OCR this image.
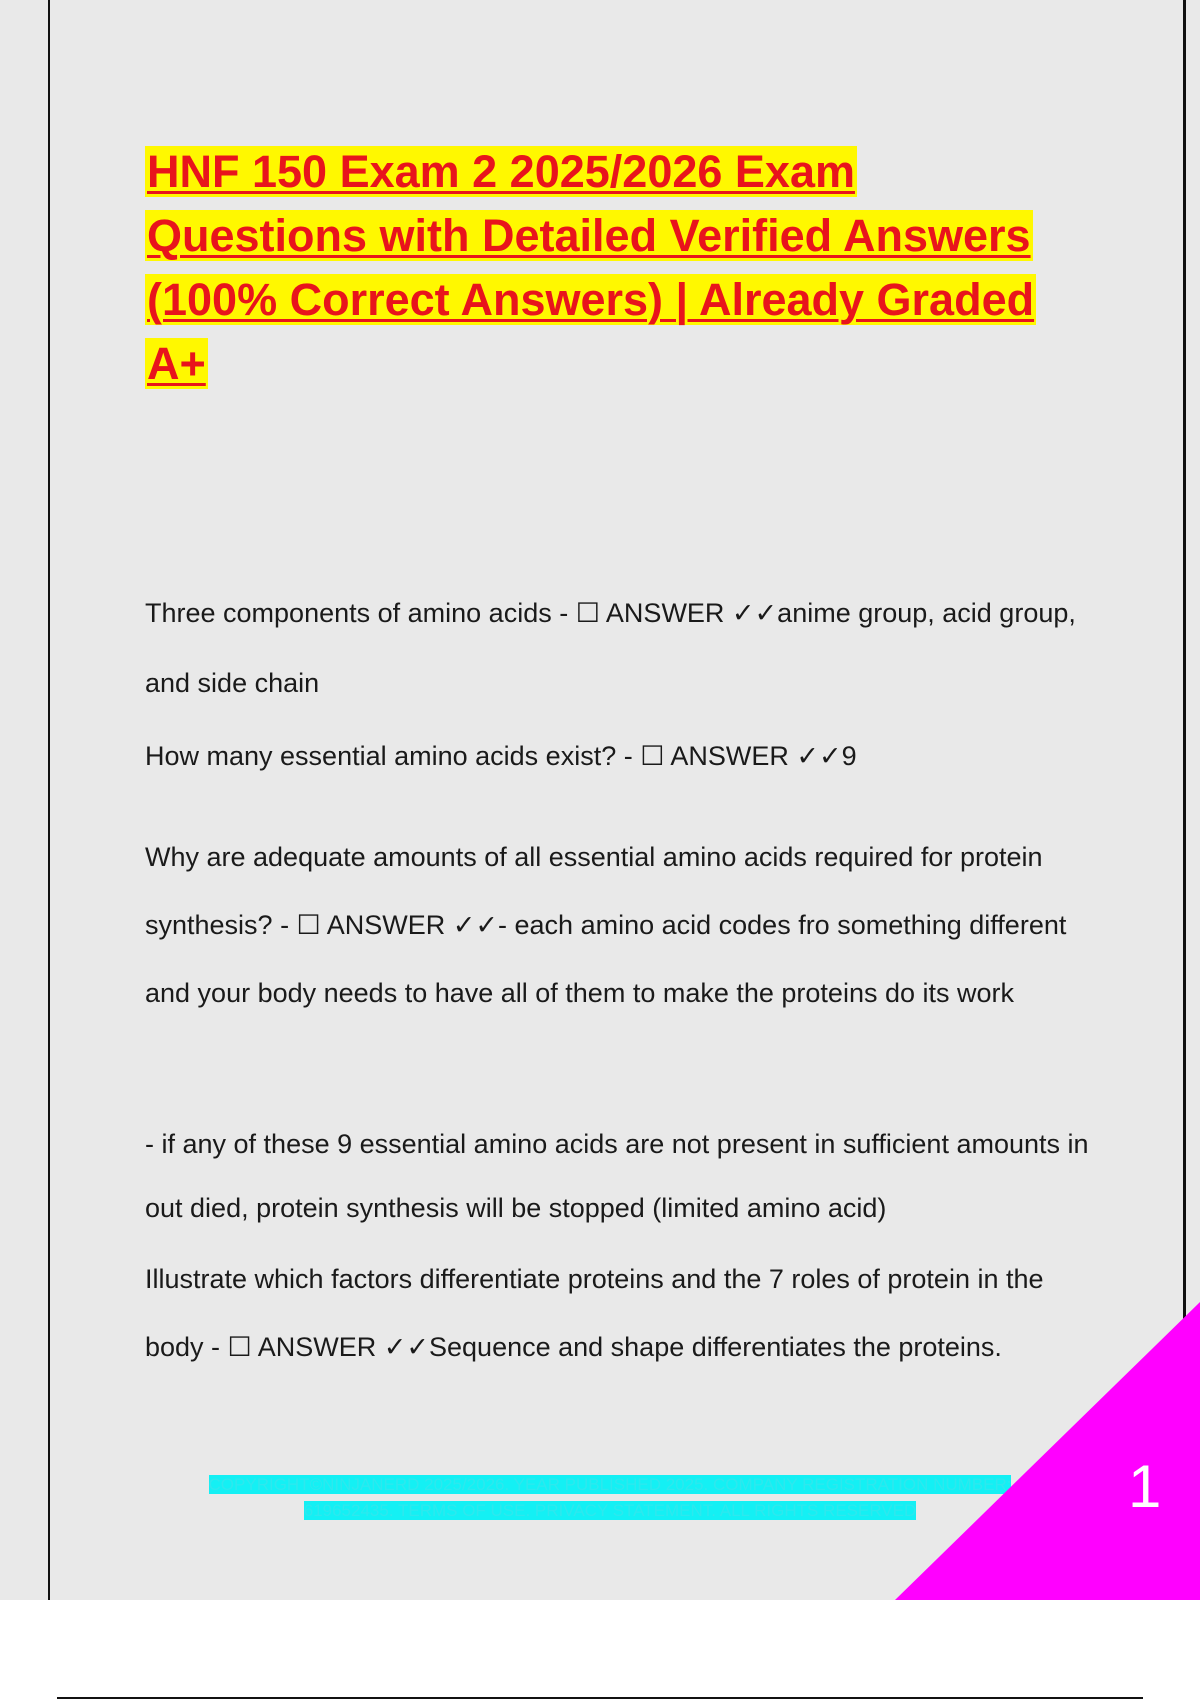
HNF 150 Exam 2 2025/2026 Exam Questions with Detailed Verified Answers (100% Correct Answers) | Already Graded A+

Three components of amino acids - ☐ ANSWER ✓✓anime group, acid group, and side chain

How many essential amino acids exist? - ☐ ANSWER ✓✓9

Why are adequate amounts of all essential amino acids required for protein synthesis? - ☐ ANSWER ✓✓- each amino acid codes fro something different and your body needs to have all of them to make the proteins do its work

- if any of these 9 essential amino acids are not present in sufficient amounts in out died, protein synthesis will be stopped (limited amino acid)

Illustrate which factors differentiate proteins and the 7 roles of protein in the body - ☐ ANSWER ✓✓Sequence and shape differentiates the proteins.

COPYRIGHT©NINJANERD 2025/2026. YEAR PUBLISHED 2025. COMPANY REGISTRATION NUMBER: 619652435. TERMS OF USE. PRIVACY STATEMENT. ALL RIGHTS RESERVED	1
